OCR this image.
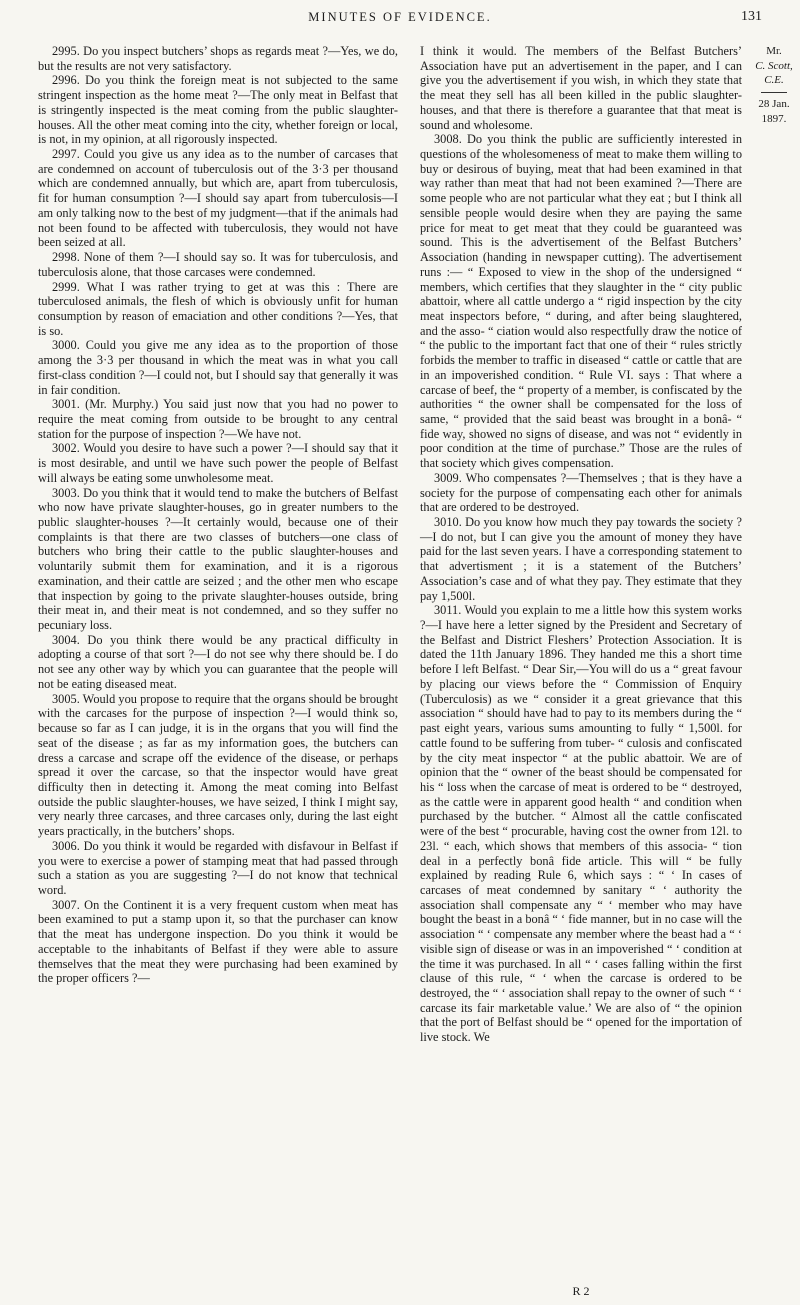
MINUTES OF EVIDENCE.	131

2995. Do you inspect butchers’ shops as regards meat ?—Yes, we do, but the results are not very satisfactory.

2996. Do you think the foreign meat is not subjected to the same stringent inspection as the home meat ?—The only meat in Belfast that is stringently inspected is the meat coming from the public slaughter-houses. All the other meat coming into the city, whether foreign or local, is not, in my opinion, at all rigorously inspected.

2997. Could you give us any idea as to the number of carcases that are condemned on account of tuberculosis out of the 3·3 per thousand which are condemned annually, but which are, apart from tuberculosis, fit for human consumption ?—I should say apart from tuberculosis—I am only talking now to the best of my judgment—that if the animals had not been found to be affected with tuberculosis, they would not have been seized at all.

2998. None of them ?—I should say so. It was for tuberculosis, and tuberculosis alone, that those carcases were condemned.

2999. What I was rather trying to get at was this : There are tuberculosed animals, the flesh of which is obviously unfit for human consumption by reason of emaciation and other conditions ?—Yes, that is so.

3000. Could you give me any idea as to the proportion of those among the 3·3 per thousand in which the meat was in what you call first-class condition ?—I could not, but I should say that generally it was in fair condition.

3001. (Mr. Murphy.) You said just now that you had no power to require the meat coming from outside to be brought to any central station for the purpose of inspection ?—We have not.

3002. Would you desire to have such a power ?—I should say that it is most desirable, and until we have such power the people of Belfast will always be eating some unwholesome meat.

3003. Do you think that it would tend to make the butchers of Belfast who now have private slaughter-houses, go in greater numbers to the public slaughter-houses ?—It certainly would, because one of their complaints is that there are two classes of butchers—one class of butchers who bring their cattle to the public slaughter-houses and voluntarily submit them for examination, and it is a rigorous examination, and their cattle are seized ; and the other men who escape that inspection by going to the private slaughter-houses outside, bring their meat in, and their meat is not condemned, and so they suffer no pecuniary loss.

3004. Do you think there would be any practical difficulty in adopting a course of that sort ?—I do not see why there should be. I do not see any other way by which you can guarantee that the people will not be eating diseased meat.

3005. Would you propose to require that the organs should be brought with the carcases for the purpose of inspection ?—I would think so, because so far as I can judge, it is in the organs that you will find the seat of the disease ; as far as my information goes, the butchers can dress a carcase and scrape off the evidence of the disease, or perhaps spread it over the carcase, so that the inspector would have great difficulty then in detecting it. Among the meat coming into Belfast outside the public slaughter-houses, we have seized, I think I might say, very nearly three carcases, and three carcases only, during the last eight years practically, in the butchers’ shops.

3006. Do you think it would be regarded with disfavour in Belfast if you were to exercise a power of stamping meat that had passed through such a station as you are suggesting ?—I do not know that technical word.

3007. On the Continent it is a very frequent custom when meat has been examined to put a stamp upon it, so that the purchaser can know that the meat has undergone inspection. Do you think it would be acceptable to the inhabitants of Belfast if they were able to assure themselves that the meat they were purchasing had been examined by the proper officers ?—

I think it would. The members of the Belfast Butchers’ Association have put an advertisement in the paper, and I can give you the advertisement if you wish, in which they state that the meat they sell has all been killed in the public slaughter-houses, and that there is therefore a guarantee that that meat is sound and wholesome.

3008. Do you think the public are sufficiently interested in questions of the wholesomeness of meat to make them willing to buy or desirous of buying, meat that had been examined in that way rather than meat that had not been examined ?—There are some people who are not particular what they eat ; but I think all sensible people would desire when they are paying the same price for meat to get meat that they could be guaranteed was sound. This is the advertisement of the Belfast Butchers’ Association (handing in newspaper cutting). The advertisement runs :— “ Exposed to view in the shop of the undersigned “ members, which certifies that they slaughter in the “ city public abattoir, where all cattle undergo a “ rigid inspection by the city meat inspectors before, “ during, and after being slaughtered, and the asso- “ ciation would also respectfully draw the notice of “ the public to the important fact that one of their “ rules strictly forbids the member to traffic in diseased “ cattle or cattle that are in an impoverished condition. “ Rule VI. says : That where a carcase of beef, the “ property of a member, is confiscated by the authorities “ the owner shall be compensated for the loss of same, “ provided that the said beast was brought in a bonâ- “ fide way, showed no signs of disease, and was not “ evidently in poor condition at the time of purchase.” Those are the rules of that society which gives compensation.

3009. Who compensates ?—Themselves ; that is they have a society for the purpose of compensating each other for animals that are ordered to be destroyed.

3010. Do you know how much they pay towards the society ?—I do not, but I can give you the amount of money they have paid for the last seven years. I have a corresponding statement to that advertisment ; it is a statement of the Butchers’ Association’s case and of what they pay. They estimate that they pay 1,500l.

3011. Would you explain to me a little how this system works ?—I have here a letter signed by the President and Secretary of the Belfast and District Fleshers’ Protection Association. It is dated the 11th January 1896. They handed me this a short time before I left Belfast. “ Dear Sir,—You will do us a “ great favour by placing our views before the “ Commission of Enquiry (Tuberculosis) as we “ consider it a great grievance that this association “ should have had to pay to its members during the “ past eight years, various sums amounting to fully “ 1,500l. for cattle found to be suffering from tuber- “ culosis and confiscated by the city meat inspector “ at the public abattoir. We are of opinion that the “ owner of the beast should be compensated for his “ loss when the carcase of meat is ordered to be “ destroyed, as the cattle were in apparent good health “ and condition when purchased by the butcher. “ Almost all the cattle confiscated were of the best “ procurable, having cost the owner from 12l. to 23l. “ each, which shows that members of this associa- “ tion deal in a perfectly bonâ fide article. This will “ be fully explained by reading Rule 6, which says : “ ‘ In cases of carcases of meat condemned by sanitary “ ‘ authority the association shall compensate any “ ‘ member who may have bought the beast in a bonâ “ ‘ fide manner, but in no case will the association “ ‘ compensate any member where the beast had a “ ‘ visible sign of disease or was in an impoverished “ ‘ condition at the time it was purchased. In all “ ‘ cases falling within the first clause of this rule, “ ‘ when the carcase is ordered to be destroyed, the “ ‘ association shall repay to the owner of such “ ‘ carcase its fair marketable value.’ We are also of “ the opinion that the port of Belfast should be “ opened for the importation of live stock. We

Mr.
C. Scott, C.E.
28 Jan. 1897.
R 2
